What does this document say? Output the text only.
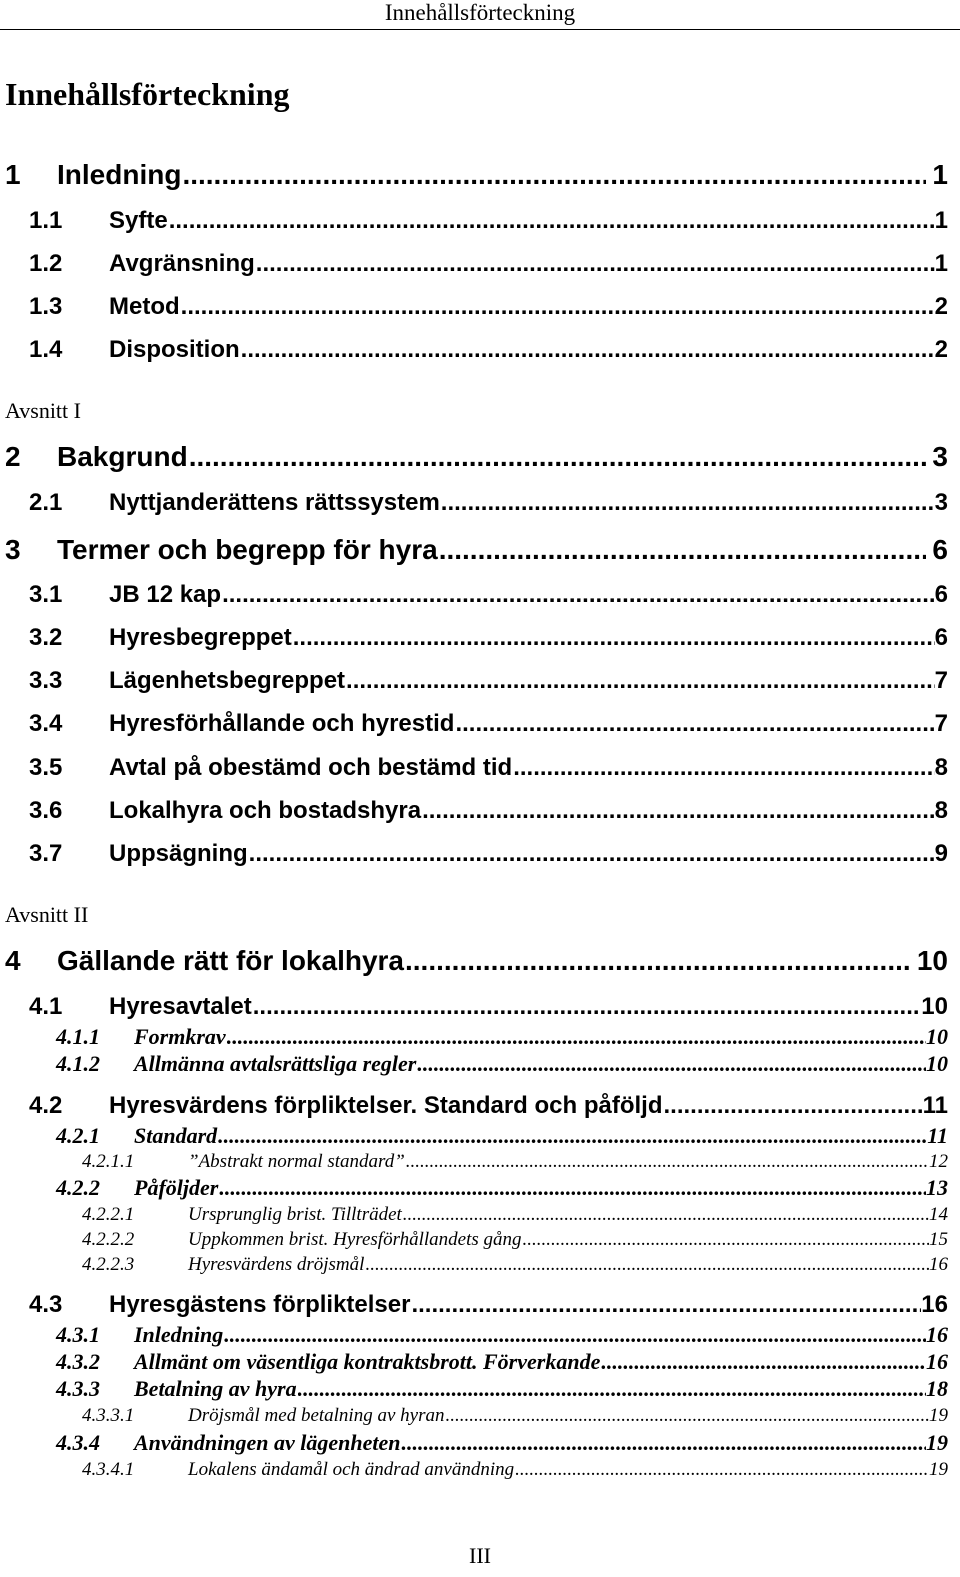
Innehållsförteckning
Innehållsförteckning
1	Inledning .....	1
1.1	Syfte .....	1
1.2	Avgränsning .....	1
1.3	Metod .....	2
1.4	Disposition .....	2
Avsnitt I
2	Bakgrund .....	3
2.1	Nyttjanderättens rättssystem .....	3
3	Termer och begrepp för hyra .....	6
3.1	JB 12 kap .....	6
3.2	Hyresbegreppet .....	6
3.3	Lägenhetsbegreppet .....	7
3.4	Hyresförhållande och hyrestid .....	7
3.5	Avtal på obestämd och bestämd tid .....	8
3.6	Lokalhyra och bostadshyra .....	8
3.7	Uppsägning .....	9
Avsnitt II
4	Gällande rätt för lokalhyra .....	10
4.1	Hyresavtalet .....	10
4.1.1	Formkrav .....	10
4.1.2	Allmänna avtalsrättsliga regler .....	10
4.2	Hyresvärdens förpliktelser. Standard och påföljd .....	11
4.2.1	Standard .....	11
4.2.1.1	”Abstrakt normal standard” .....	12
4.2.2	Påföljder .....	13
4.2.2.1	Ursprunglig brist. Tillträdet .....	14
4.2.2.2	Uppkommen brist. Hyresförhållandets gång .....	15
4.2.2.3	Hyresvärdens dröjsmål .....	16
4.3	Hyresgästens förpliktelser .....	16
4.3.1	Inledning .....	16
4.3.2	Allmänt om väsentliga kontraktsbrott. Förverkande .....	16
4.3.3	Betalning av hyra .....	18
4.3.3.1	Dröjsmål med betalning av hyran .....	19
4.3.4	Användningen av lägenheten .....	19
4.3.4.1	Lokalens ändamål och ändrad användning .....	19
III
